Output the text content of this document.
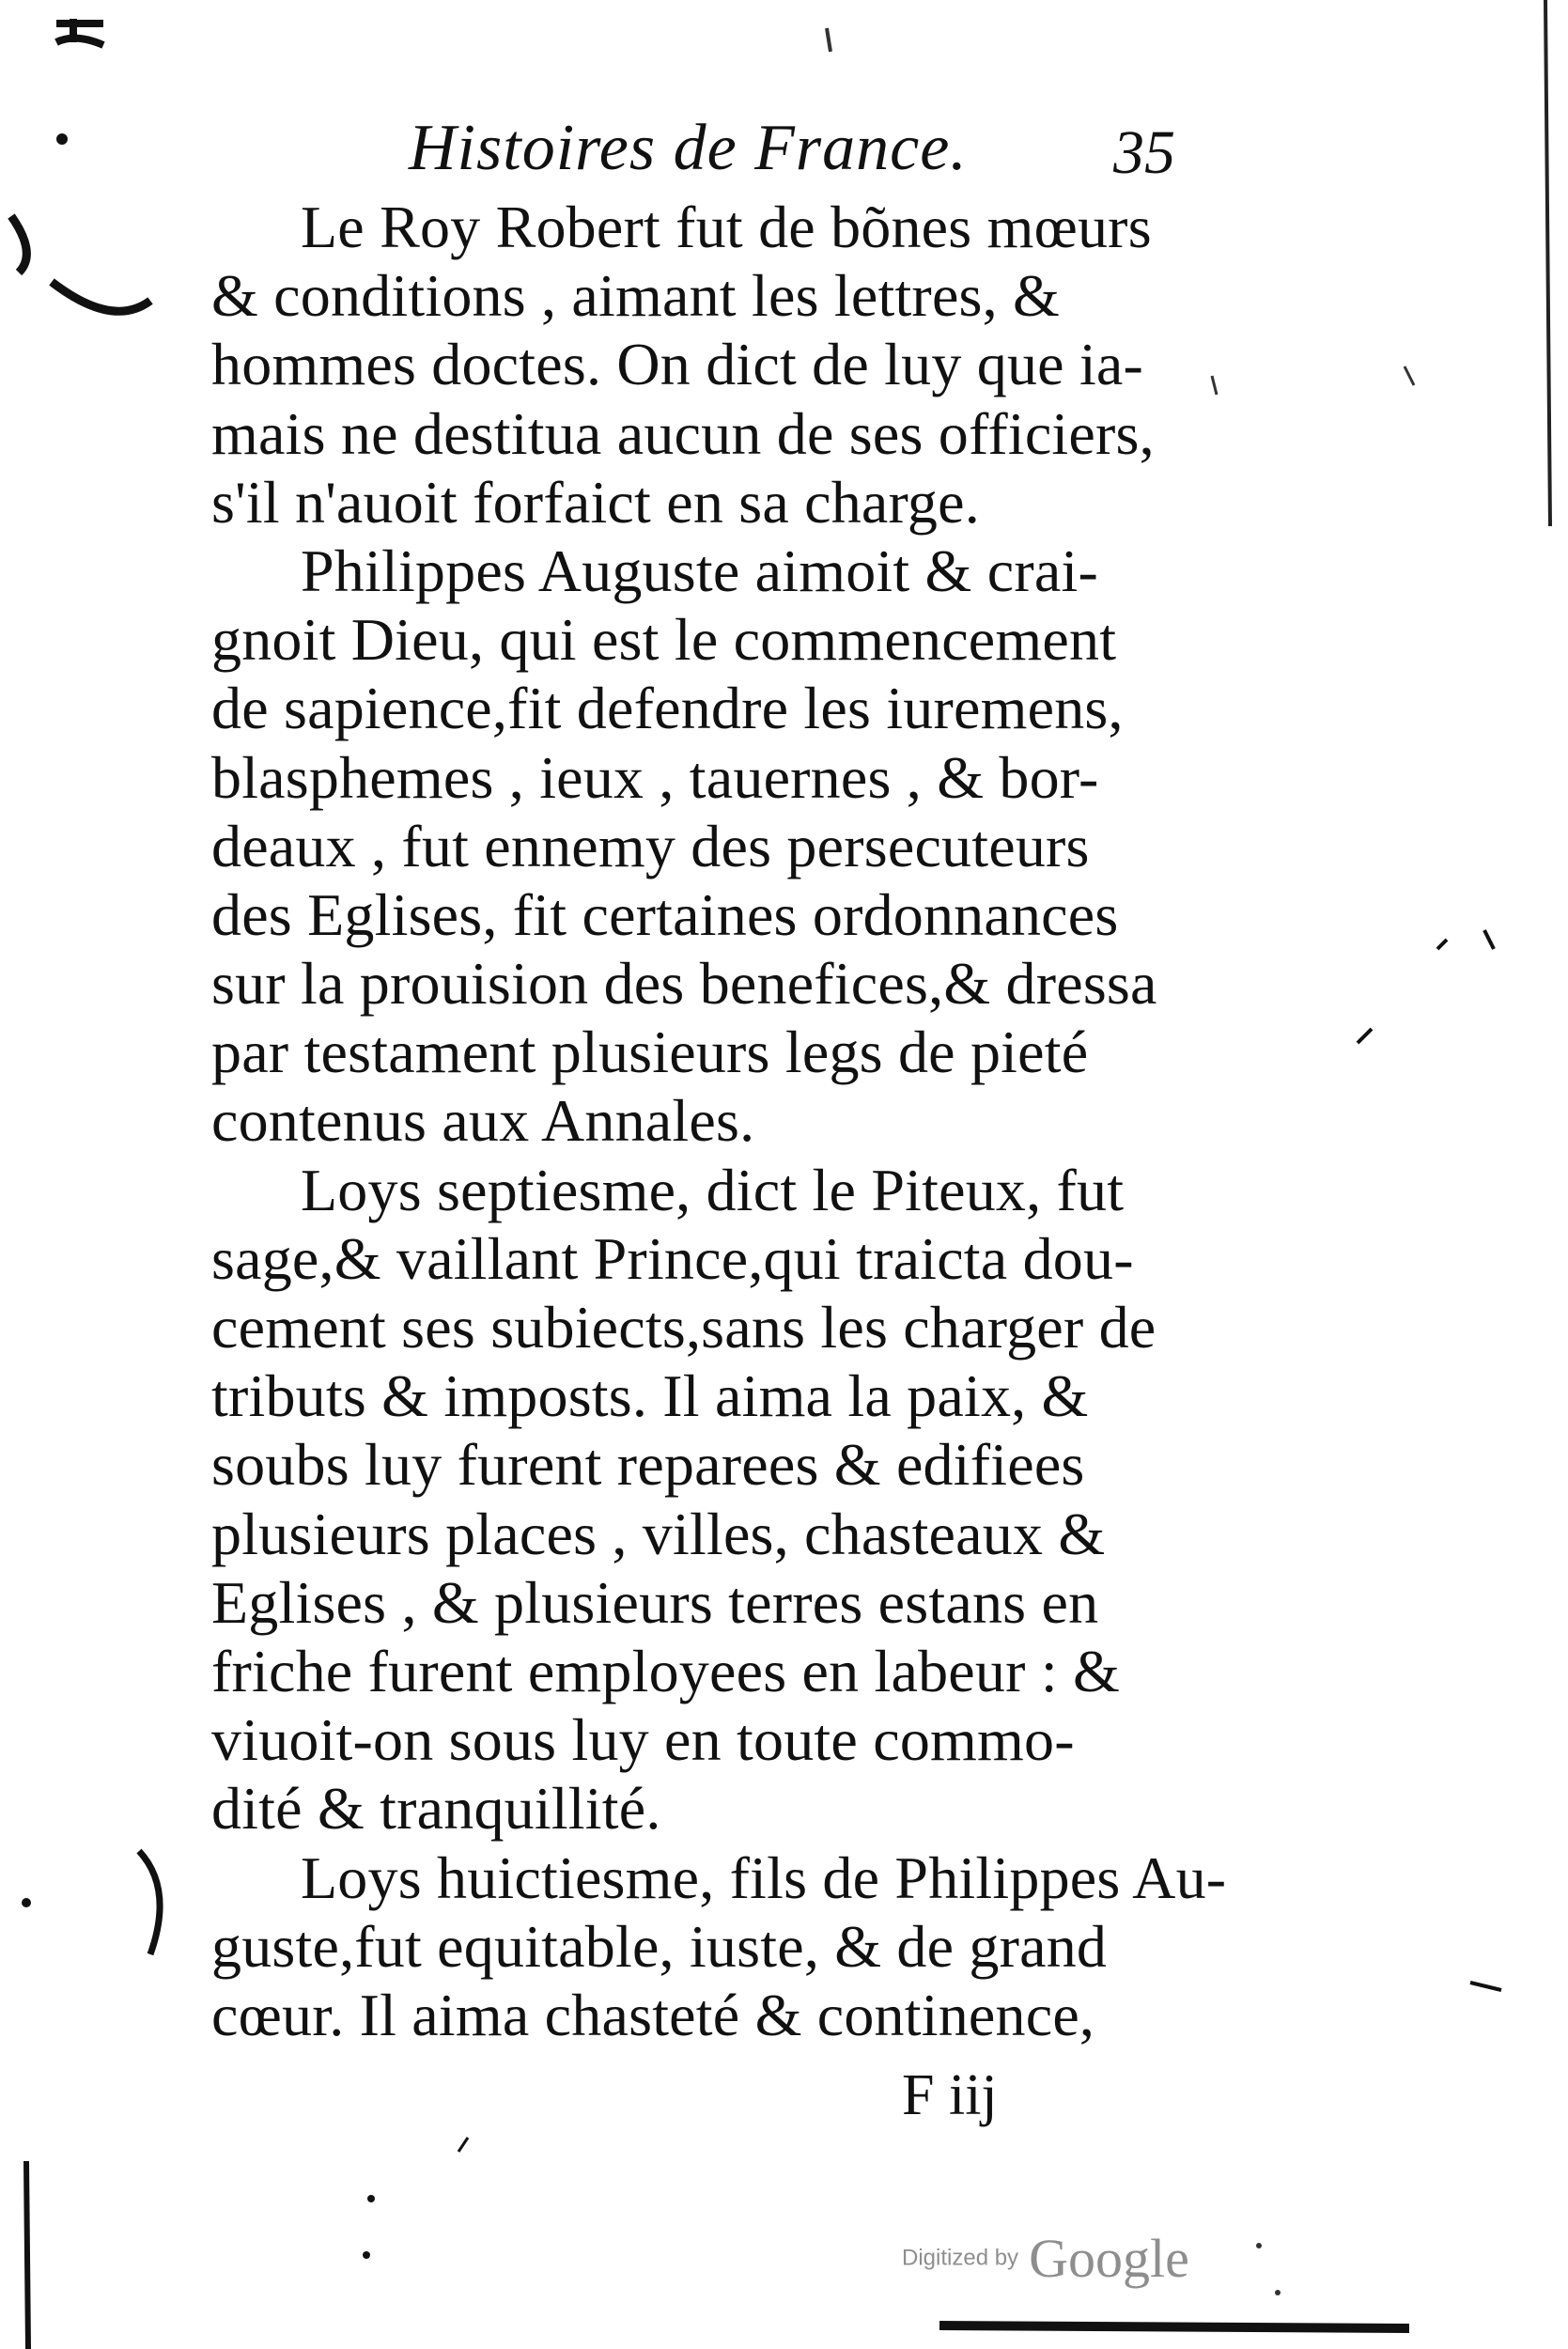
Histoires de France. 35
Le Roy Robert fut de bõnes mœurs
& conditions , aimant les lettres, &
hommes doctes. On dict de luy que ia-
mais ne destitua aucun de ses officiers,
s'il n'auoit forfaict en sa charge.
Philippes Auguste aimoit & crai-
gnoit Dieu, qui est le commencement
de sapience,fit defendre les iuremens,
blasphemes , ieux , tauernes , & bor-
deaux , fut ennemy des persecuteurs
des Eglises, fit certaines ordonnances
sur la prouision des benefices,& dressa
par testament plusieurs legs de pieté
contenus aux Annales.
Loys septiesme, dict le Piteux, fut
sage,& vaillant Prince,qui traicta dou-
cement ses subiects,sans les charger de
tributs & imposts. Il aima la paix, &
soubs luy furent reparees & edifiees
plusieurs places , villes, chasteaux &
Eglises , & plusieurs terres estans en
friche furent employees en labeur : &
viuoit-on sous luy en toute commo-
dité & tranquillité.
Loys huictiesme, fils de Philippes Au-
guste,fut equitable, iuste, & de grand
cœur. Il aima chasteté & continence,
F iij
Digitized by Google
